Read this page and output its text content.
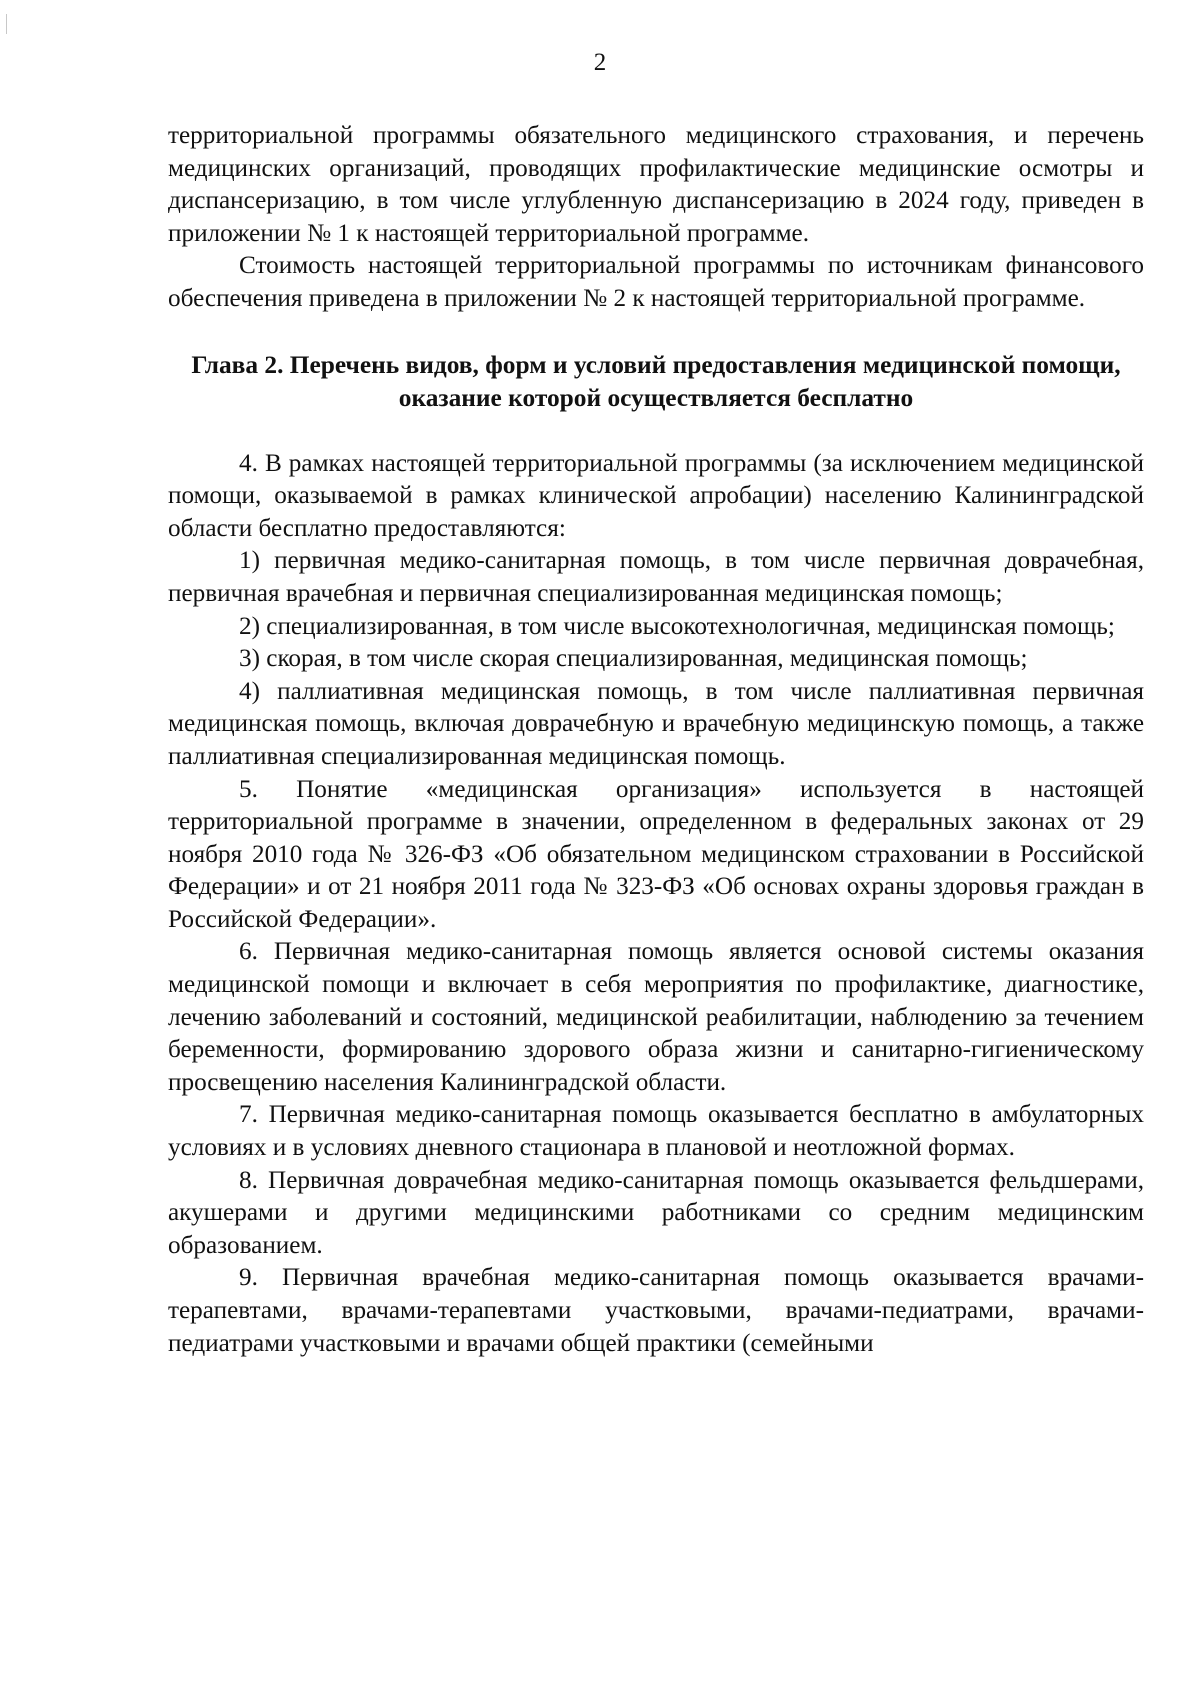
2

территориальной программы обязательного медицинского страхования, и перечень медицинских организаций, проводящих профилактические медицинские осмотры и диспансеризацию, в том числе углубленную диспансеризацию в 2024 году, приведен в приложении № 1 к настоящей территориальной программе.

Стоимость настоящей территориальной программы по источникам финансового обеспечения приведена в приложении № 2 к настоящей территориальной программе.

Глава 2. Перечень видов, форм и условий предоставления медицинской помощи, оказание которой осуществляется бесплатно

4. В рамках настоящей территориальной программы (за исключением медицинской помощи, оказываемой в рамках клинической апробации) населению Калининградской области бесплатно предоставляются:

1) первичная медико-санитарная помощь, в том числе первичная доврачебная, первичная врачебная и первичная специализированная медицинская помощь;

2) специализированная, в том числе высокотехнологичная, медицинская помощь;

3) скорая, в том числе скорая специализированная, медицинская помощь;

4) паллиативная медицинская помощь, в том числе паллиативная первичная медицинская помощь, включая доврачебную и врачебную медицинскую помощь, а также паллиативная специализированная медицинская помощь.

5. Понятие «медицинская организация» используется в настоящей территориальной программе в значении, определенном в федеральных законах от 29 ноября 2010 года № 326-ФЗ «Об обязательном медицинском страховании в Российской Федерации» и от 21 ноября 2011 года № 323-ФЗ «Об основах охраны здоровья граждан в Российской Федерации».

6. Первичная медико-санитарная помощь является основой системы оказания медицинской помощи и включает в себя мероприятия по профилактике, диагностике, лечению заболеваний и состояний, медицинской реабилитации, наблюдению за течением беременности, формированию здорового образа жизни и санитарно-гигиеническому просвещению населения Калининградской области.

7. Первичная медико-санитарная помощь оказывается бесплатно в амбулаторных условиях и в условиях дневного стационара в плановой и неотложной формах.

8. Первичная доврачебная медико-санитарная помощь оказывается фельдшерами, акушерами и другими медицинскими работниками со средним медицинским образованием.

9. Первичная врачебная медико-санитарная помощь оказывается врачами-терапевтами, врачами-терапевтами участковыми, врачами-педиатрами, врачами-педиатрами участковыми и врачами общей практики (семейными
